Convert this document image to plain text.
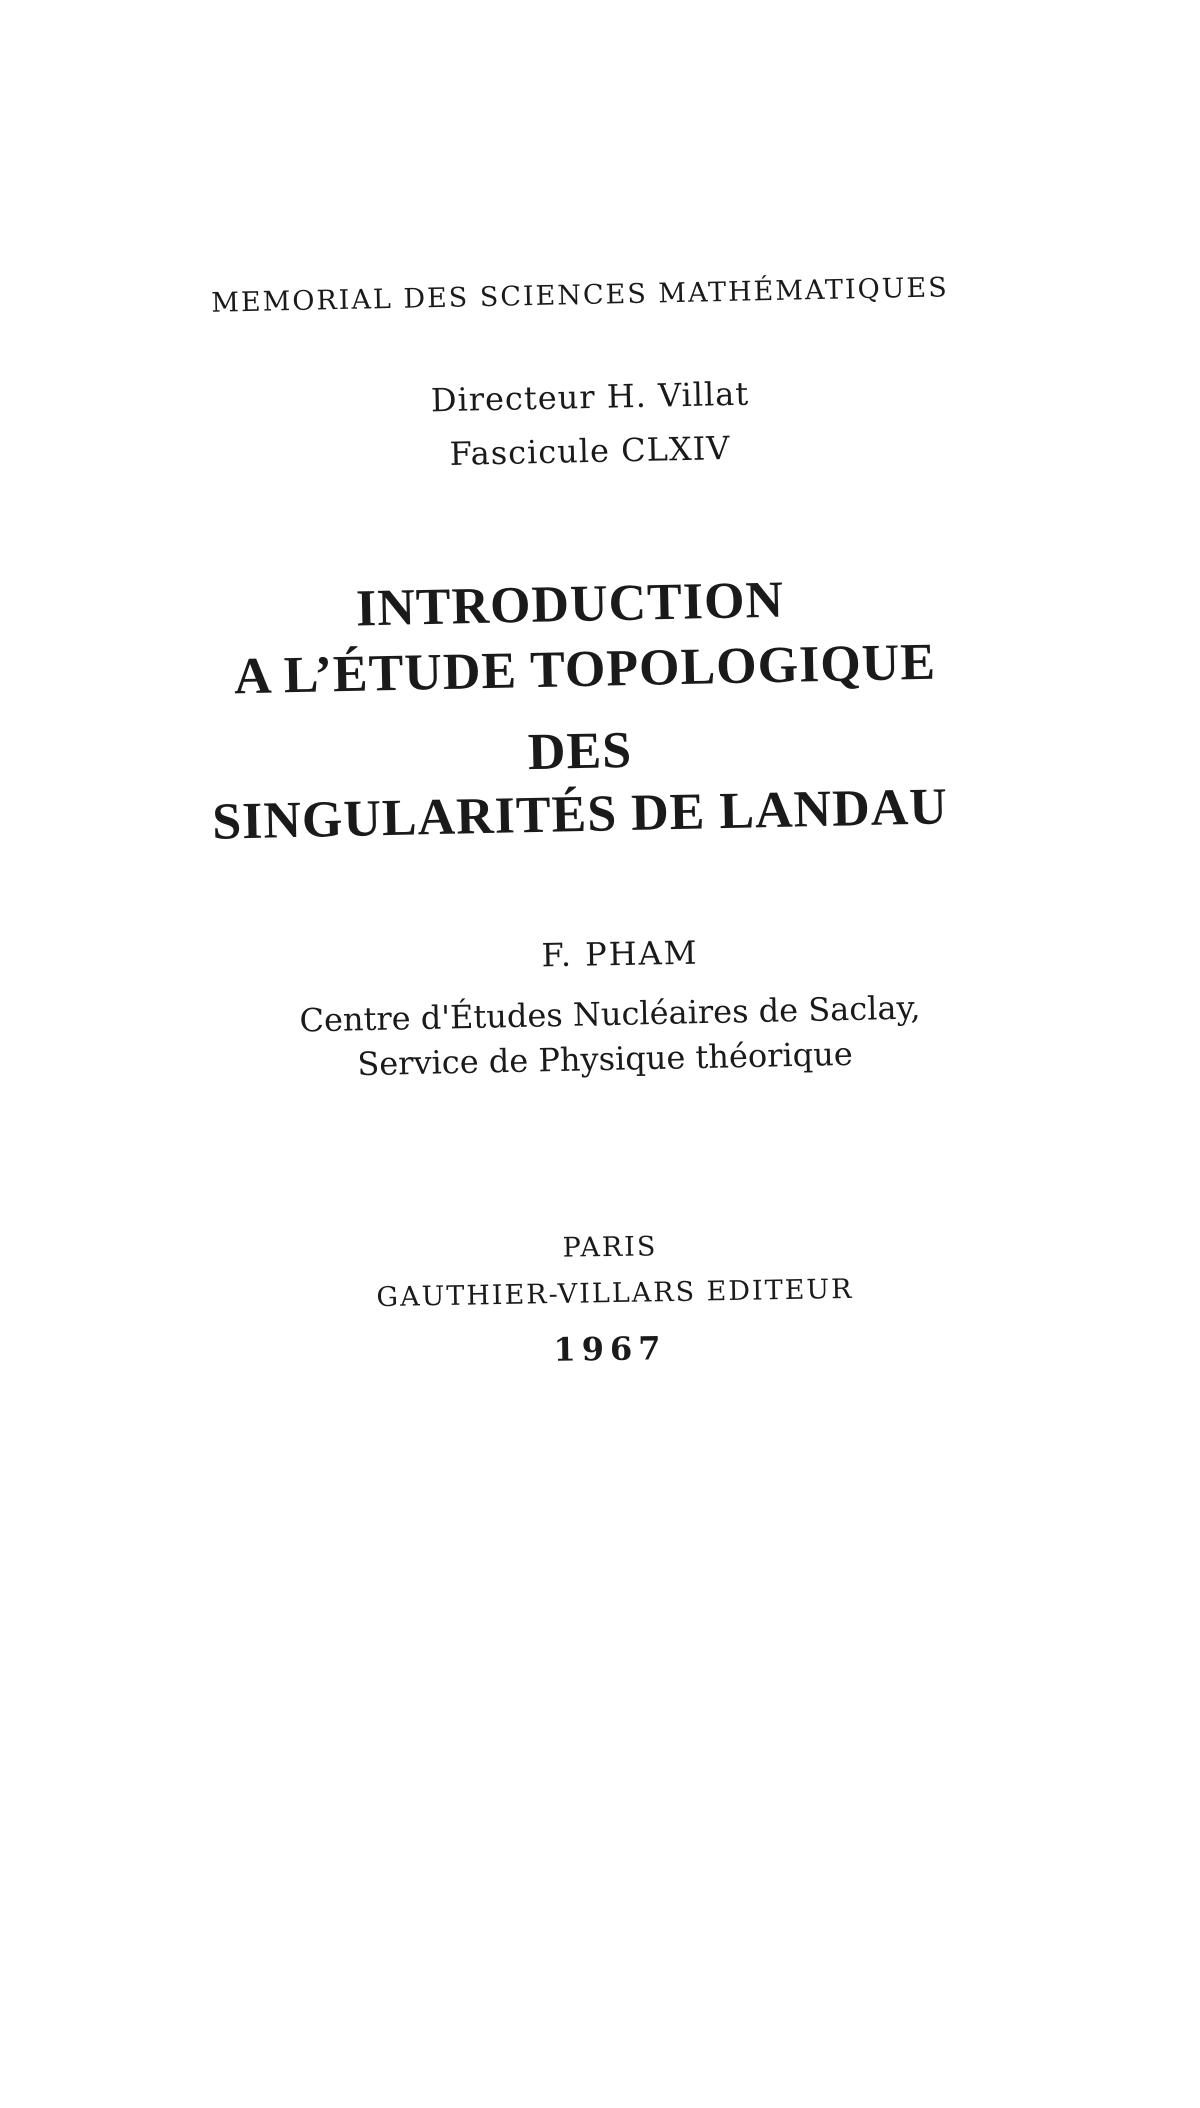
MEMORIAL DES SCIENCES MATHÉMATIQUES
Directeur H. Villat
Fascicule CLXIV
INTRODUCTION
A L’ÉTUDE TOPOLOGIQUE
DES
SINGULARITÉS DE LANDAU
F. PHAM
Centre d'Études Nucléaires de Saclay,
Service de Physique théorique
PARIS
GAUTHIER-VILLARS EDITEUR
1967
